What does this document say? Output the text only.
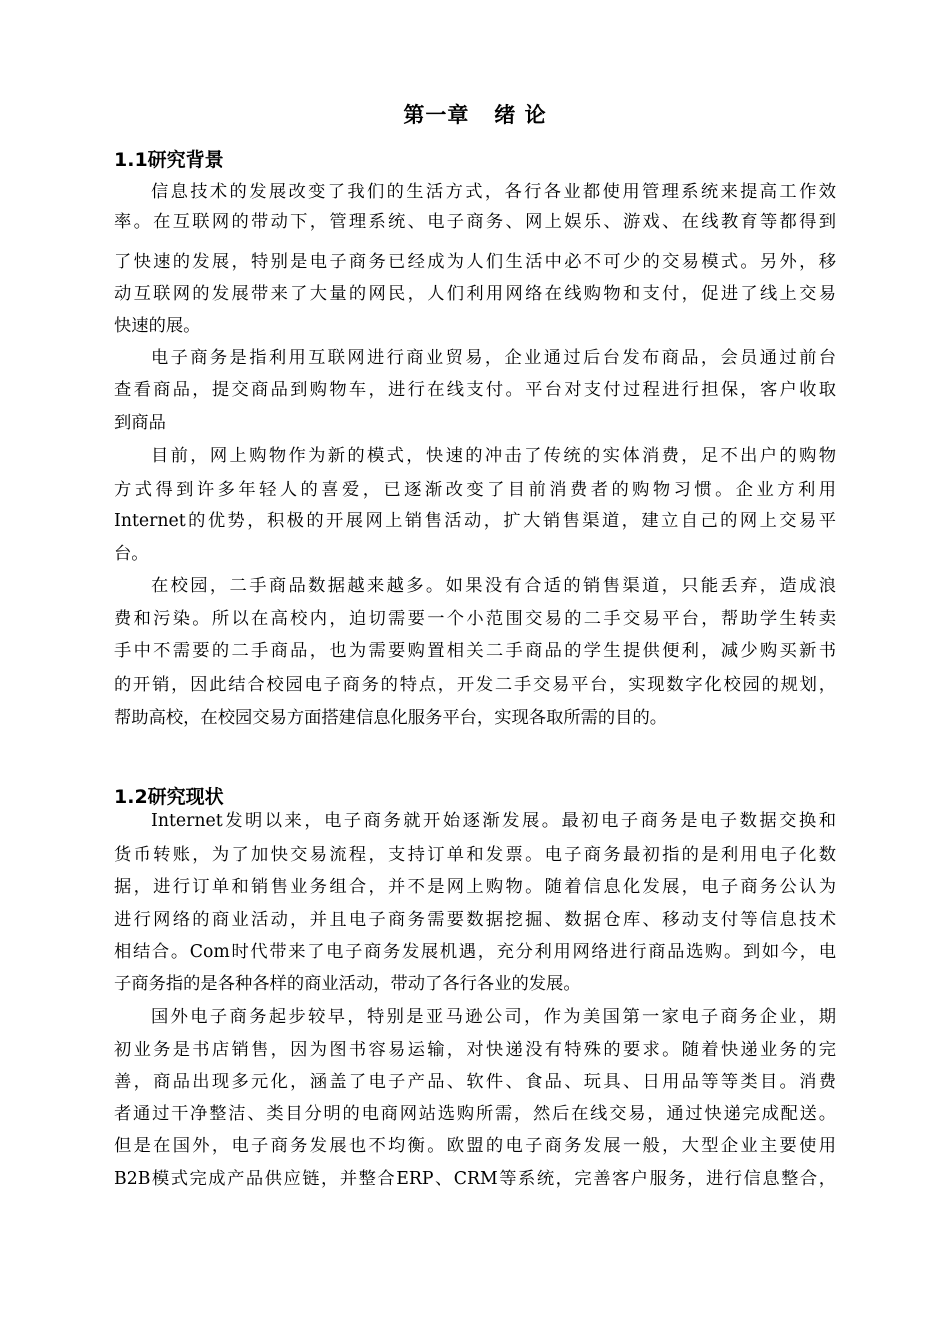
第一章   绪 论
1.1研究背景
信息技术的发展改变了我们的生活方式，各行各业都使用管理系统来提高工作效
率。在互联网的带动下，管理系统、电子商务、网上娱乐、游戏、在线教育等都得到
了快速的发展，特别是电子商务已经成为人们生活中必不可少的交易模式。另外，移
动互联网的发展带来了大量的网民，人们利用网络在线购物和支付，促进了线上交易
快速的展。
电子商务是指利用互联网进行商业贸易，企业通过后台发布商品，会员通过前台
查看商品，提交商品到购物车，进行在线支付。平台对支付过程进行担保，客户收取
到商品
目前，网上购物作为新的模式，快速的冲击了传统的实体消费，足不出户的购物
方式得到许多年轻人的喜爱，已逐渐改变了目前消费者的购物习惯。企业方利用
Internet的优势，积极的开展网上销售活动，扩大销售渠道，建立自己的网上交易平
台。
在校园，二手商品数据越来越多。如果没有合适的销售渠道，只能丢弃，造成浪
费和污染。所以在高校内，迫切需要一个小范围交易的二手交易平台，帮助学生转卖
手中不需要的二手商品，也为需要购置相关二手商品的学生提供便利，减少购买新书
的开销，因此结合校园电子商务的特点，开发二手交易平台，实现数字化校园的规划，
帮助高校，在校园交易方面搭建信息化服务平台，实现各取所需的目的。
1.2研究现状
Internet发明以来，电子商务就开始逐渐发展。最初电子商务是电子数据交换和
货币转账，为了加快交易流程，支持订单和发票。电子商务最初指的是利用电子化数
据，进行订单和销售业务组合，并不是网上购物。随着信息化发展，电子商务公认为
进行网络的商业活动，并且电子商务需要数据挖掘、数据仓库、移动支付等信息技术
相结合。Com时代带来了电子商务发展机遇，充分利用网络进行商品选购。到如今，电
子商务指的是各种各样的商业活动，带动了各行各业的发展。
国外电子商务起步较早，特别是亚马逊公司，作为美国第一家电子商务企业，期
初业务是书店销售，因为图书容易运输，对快递没有特殊的要求。随着快递业务的完
善，商品出现多元化，涵盖了电子产品、软件、食品、玩具、日用品等等类目。消费
者通过干净整洁、类目分明的电商网站选购所需，然后在线交易，通过快递完成配送。
但是在国外，电子商务发展也不均衡。欧盟的电子商务发展一般，大型企业主要使用
B2B模式完成产品供应链，并整合ERP、CRM等系统，完善客户服务，进行信息整合，
